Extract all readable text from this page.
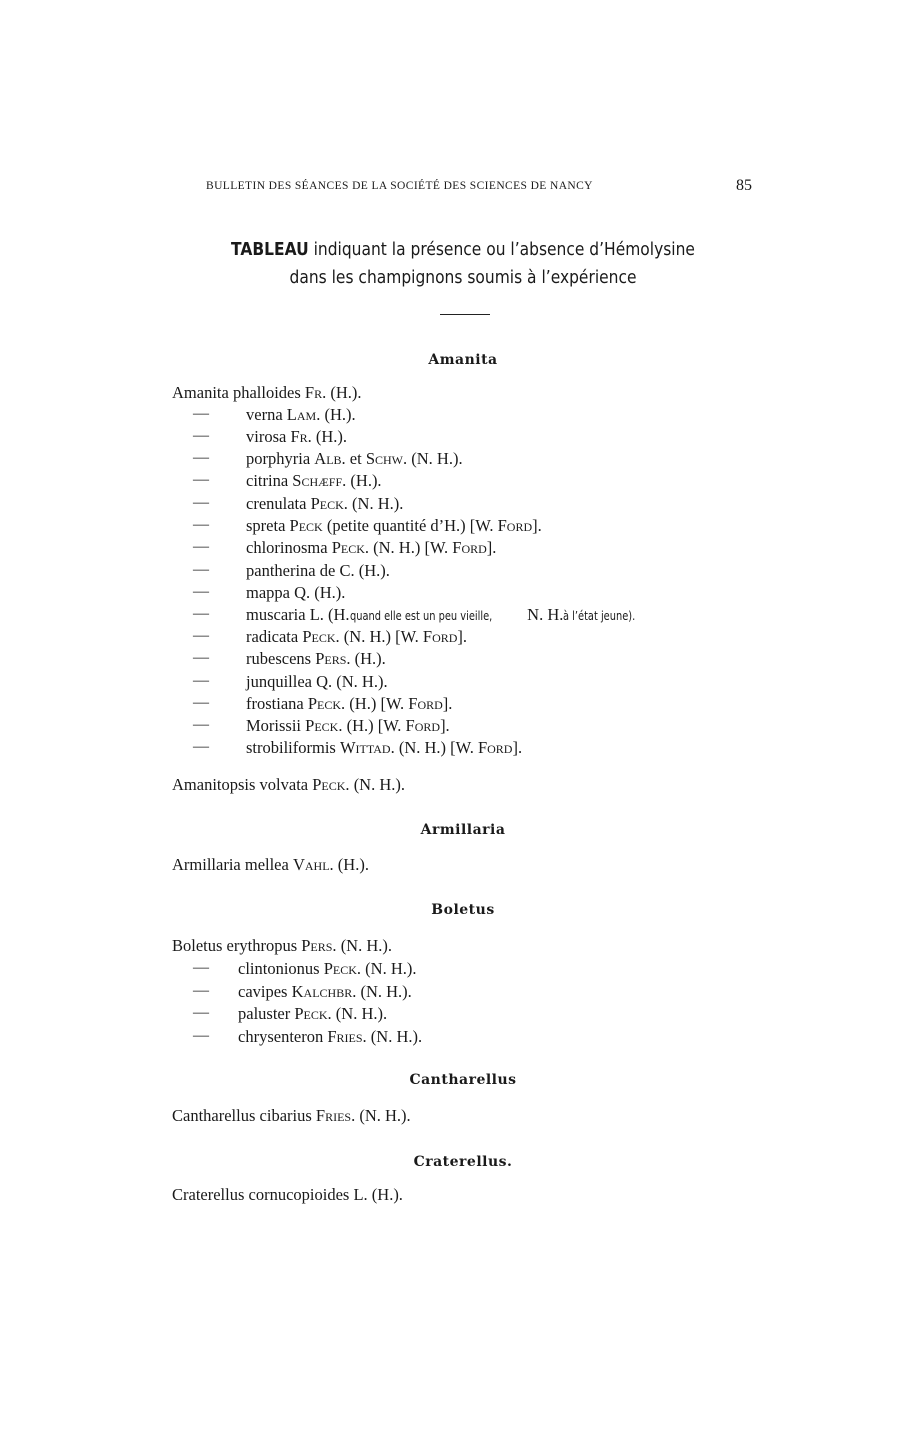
BULLETIN DES SÉANCES DE LA SOCIÉTÉ DES SCIENCES DE NANCY	85
TABLEAU indiquant la présence ou l’absence d’Hémolysine
dans les champignons soumis à l’expérience
Amanita
Amanita phalloides Fr. (H.).
— verna Lam. (H.).
— virosa Fr. (H.).
— porphyria Alb. et Schw. (N. H.).
— citrina Schæff. (H.).
— crenulata Peck. (N. H.).
— spreta Peck (petite quantité d’H.) [W. Ford].
— chlorinosma Peck. (N. H.) [W. Ford].
— pantherina de C. (H.).
— mappa Q. (H.).
— muscaria L. (H.quand elle est un peu vieille, N. H.à l’état jeune).
— radicata Peck. (N. H.) [W. Ford].
— rubescens Pers. (H.).
— junquillea Q. (N. H.).
— frostiana Peck. (H.) [W. Ford].
— Morissii Peck. (H.) [W. Ford].
— strobiliformis Wittad. (N. H.) [W. Ford].
Amanitopsis volvata Peck. (N. H.).
Armillaria
Armillaria mellea Vahl. (H.).
Boletus
Boletus erythropus Pers. (N. H.).
— clintonionus Peck. (N. H.).
— cavipes Kalchbr. (N. H.).
— paluster Peck. (N. H.).
— chrysenteron Fries. (N. H.).
Cantharellus
Cantharellus cibarius Fries. (N. H.).
Craterellus.
Craterellus cornucopioides L. (H.).
